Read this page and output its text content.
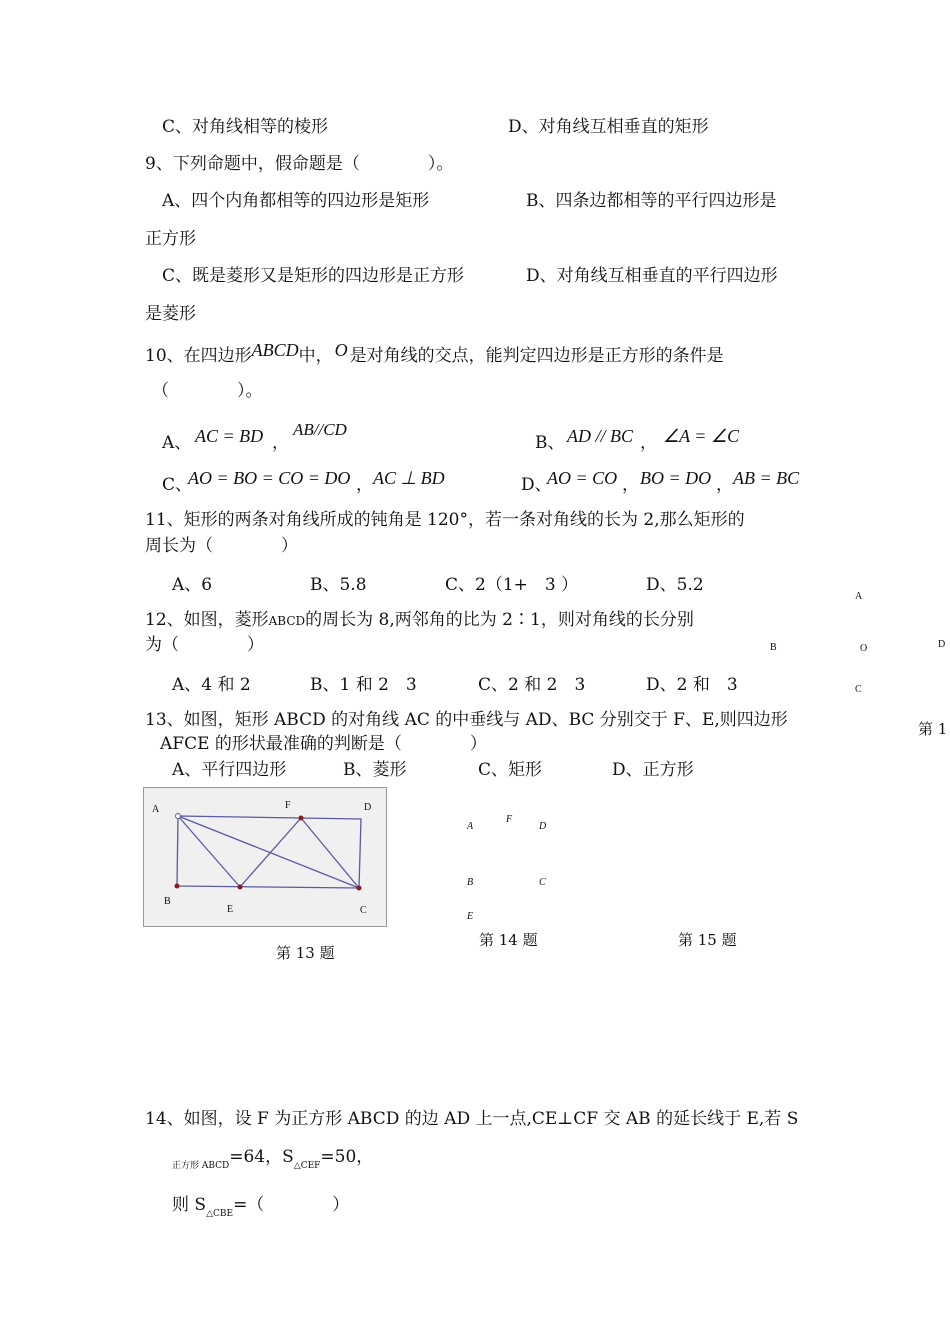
C、对角线相等的棱形	D、对角线互相垂直的矩形
9、下列命题中，假命题是（　　　　）。
A、四个内角都相等的四边形是矩形	B、四条边都相等的平行四边形是
正方形
C、既是菱形又是矩形的四边形是正方形	D、对角线互相垂直的平行四边形
是菱形
10、在四边形ABCD中， O 是对角线的交点，能判定四边形是正方形的条件是
（　　　　）。
A、 AC = BD ，
AB//CD
B、 AD // BC ， ∠A = ∠C
C、
AO = BO = CO = DO ， AC ⊥ BD	D、
AO = CO ， BO = DO ， AB = BC
11、矩形的两条对角线所成的钝角是 120°，若一条对角线的长为 2,那么矩形的
周长为（　　　　）
A、6	B、5.8	C、2（1+　3 ）	D、5.2
12、如图，菱形ABCD的周长为 8,两邻角的比为 2∶1，则对角线的长分别
为（　　　　）
A、4 和 2	B、1 和 2　3	C、2 和 2　3	D、2 和　3
A
B	O	D
C
第 1
13、如图，矩形 ABCD 的对角线 AC 的中垂线与 AD、BC 分别交于 F、E,则四边形
AFCE 的形状最准确的判断是（　　　　）
A、平行四边形	B、菱形	C、矩形	D、正方形
A	F	D
B
E	C
第 13 题
A
F
D
B	C
E
第 14 题	第 15 题
14、如图，设 F 为正方形 ABCD 的边 AD 上一点,CE⊥CF 交 AB 的延长线于 E,若 S
$_{正方形 ABCD}$=64，$S_{\triangle CEF}=50$，
则 $S_{\triangle CBE}=$（　　　　）
